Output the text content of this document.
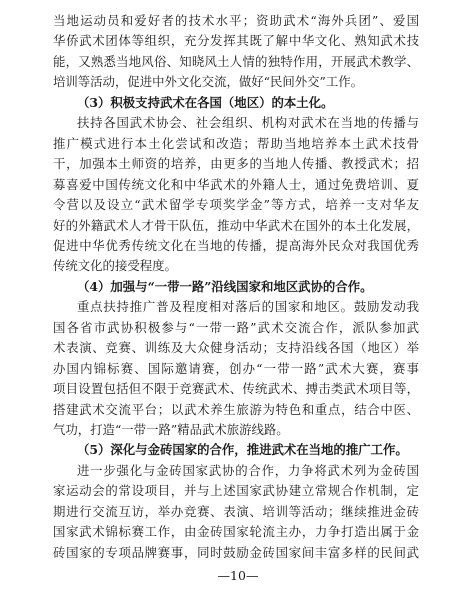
当地运动员和爱好者的技术水平；资助武术“海外兵团”、爱国
华侨武术团体等组织，充分发挥其既了解中华文化、熟知武术技
能，又熟悉当地风俗、知晓风土人情的独特作用，开展武术教学、
培训等活动，促进中外文化交流，做好“民间外交”工作。
（3）积极支持武术在各国（地区）的本土化。
扶持各国武术协会、社会组织、机构对武术在当地的传播与
推广模式进行本土化尝试和改造；帮助当地培养本土武术技骨
干，加强本土师资的培养，由更多的当地人传播、教授武术；招
募喜爱中国传统文化和中华武术的外籍人士，通过免费培训、夏
令营以及设立“武术留学专项奖学金”等方式，培养一支对华友
好的外籍武术人才骨干队伍，推动中华武术在国外的本土化发展，
促进中华优秀传统文化在当地的传播，提高海外民众对我国优秀
传统文化的接受程度。
（4）加强与“一带一路”沿线国家和地区武协的合作。
重点扶持推广普及程度相对落后的国家和地区。鼓励发动我
国各省市武协积极参与“一带一路”武术交流合作，派队参加武
术表演、竞赛、训练及大众健身活动；支持沿线各国（地区）举
办国内锦标赛、国际邀请赛，创办“一带一路”武术大赛，赛事
项目设置包括但不限于竞赛武术、传统武术、搏击类武术项目等，
搭建武术交流平台；以武术养生旅游为特色和重点，结合中医、
气功，打造“一带一路”精品武术旅游线路。
（5）深化与金砖国家的合作，推进武术在当地的推广工作。
进一步强化与金砖国家武协的合作，力争将武术列为金砖国
家运动会的常设项目，并与上述国家武协建立常规合作机制，定
期进行交流互访，举办竞赛、表演、培训等活动；继续推进金砖
国家武术锦标赛工作，由金砖国家轮流主办，力争打造出属于金
砖国家的专项品牌赛事，同时鼓励金砖国家间丰富多样的民间武
—10—
